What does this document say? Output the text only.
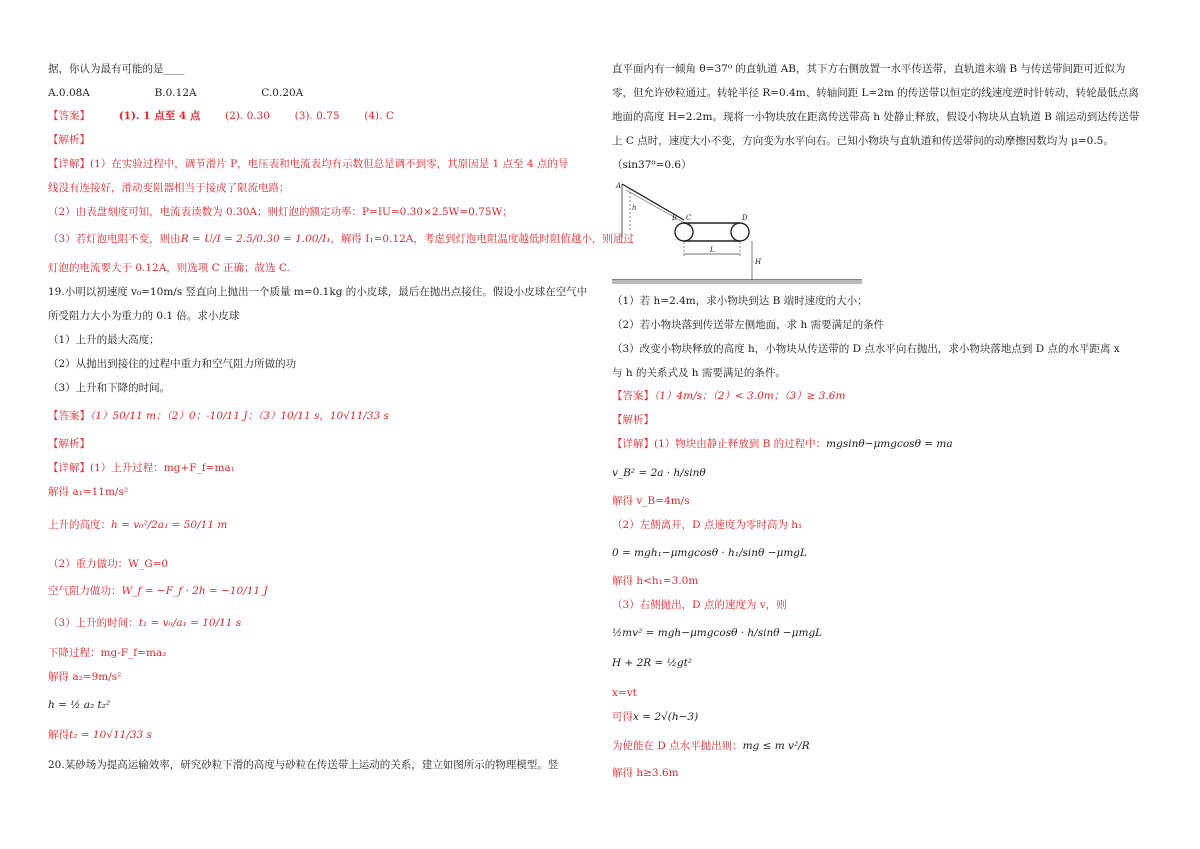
据，你认为最有可能的是____
A.0.08A	B.0.12A	C.0.20A
【答案】	(1). 1 点至 4 点 (2). 0.30 (3). 0.75 (4). C
【解析】
【详解】(1）在实验过程中，调节滑片 P，电压表和电流表均有示数但总是调不到零，其原因是 1 点至 4 点的导
线没有连接好，滑动变阻器相当于接成了限流电路；
（2）由表盘刻度可知，电流表读数为 0.30A；则灯泡的额定功率：P=IU=0.30×2.5W=0.75W；
（3）若灯泡电阻不变，则由R = U/I = 2.5/0.30 = 1.00/I₁，解得 I₁=0.12A，考虑到灯泡电阻温度越低时阻值越小，则通过
灯泡的电流要大于 0.12A，则选项 C 正确；故选 C.
19.小明以初速度 v₀=10m/s 竖直向上抛出一个质量 m=0.1kg 的小皮球，最后在抛出点接住。假设小皮球在空气中
所受阻力大小为重力的 0.1 倍。求小皮球
（1）上升的最大高度；
（2）从抛出到接住的过程中重力和空气阻力所做的功
（3）上升和下降的时间。
【答案】（1）50/11 m；（2）0；-10/11 J；（3）10/11 s，10√11/33 s
【解析】
【详解】(1）上升过程：mg+F_f=ma₁
解得 a₁=11m/s²
上升的高度：h = v₀²/2a₁ = 50/11 m
（2）重力做功：W_G=0
空气阻力做功：W_f = −F_f · 2h = −10/11 J
（3）上升的时间：t₁ = v₀/a₁ = 10/11 s
下降过程：mg-F_f=ma₂
解得 a₂=9m/s²
h = ½ a₂ t₂²
解得t₂ = 10√11/33 s
20.某砂场为提高运输效率，研究砂粒下滑的高度与砂粒在传送带上运动的关系，建立如图所示的物理模型。竖
直平面内有一倾角 θ=37⁰ 的直轨道 AB，其下方右侧放置一水平传送带，直轨道末端 B 与传送带间距可近似为
零，但允许砂粒通过。转轮半径 R=0.4m、转轴间距 L=2m 的传送带以恒定的线速度逆时针转动，转轮最低点离
地面的高度 H=2.2m。现将一小物块放在距离传送带高 h 处静止释放，假设小物块从直轨道 B 端运动到达传送带
上 C 点时，速度大小不变，方向变为水平向右。已知小物块与直轨道和传送带间的动摩擦因数均为 μ=0.5。
（sin37⁰=0.6）
A
h
B C	D
L
H
（1）若 h=2.4m，求小物块到达 B 端时速度的大小；
（2）若小物块落到传送带左侧地面，求 h 需要满足的条件
（3）改变小物块释放的高度 h，小物块从传送带的 D 点水平向右抛出，求小物块落地点到 D 点的水平距离 x
与 h 的关系式及 h 需要满足的条件。
【答案】（1）4m/s；（2）< 3.0m；（3）≥ 3.6m
【解析】
【详解】(1）物块由静止释放到 B 的过程中：mgsinθ−μmgcosθ = ma
v_B² = 2a · h/sinθ
解得 v_B=4m/s
（2）左侧离开，D 点速度为零时高为 h₁
0 = mgh₁−μmgcosθ · h₁/sinθ −μmgL
解得 h<h₁=3.0m
（3）右侧抛出，D 点的速度为 v，则
½mv² = mgh−μmgcosθ · h/sinθ −μmgL
H + 2R = ½gt²
x=vt
可得x = 2√(h−3)
为使能在 D 点水平抛出则：mg ≤ m v²/R
解得 h≥3.6m
